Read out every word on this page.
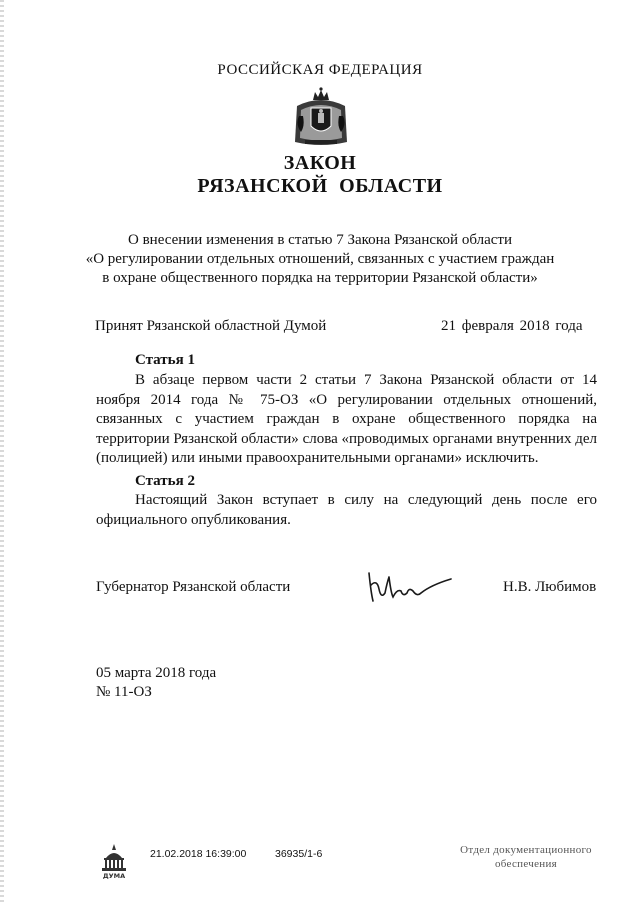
РОССИЙСКАЯ ФЕДЕРАЦИЯ
ЗАКОН
РЯЗАНСКОЙ ОБЛАСТИ
О внесении изменения в статью 7 Закона Рязанской области
«О регулировании отдельных отношений, связанных с участием граждан
в охране общественного порядка на территории Рязанской области»
Принят Рязанской областной Думой	21 февраля 2018 года
Статья 1
В абзаце первом части 2 статьи 7 Закона Рязанской области от 14 ноября 2014 года № 75-ОЗ «О регулировании отдельных отношений, связанных с участием граждан в охране общественного порядка на территории Рязанской области» слова «проводимых органами внутренних дел (полицией) или иными правоохранительными органами» исключить.
Статья 2
Настоящий Закон вступает в силу на следующий день после его официального опубликования.
Губернатор Рязанской области	Н.В. Любимов
05 марта 2018 года
№ 11-ОЗ
ДУМА
21.02.2018 16:39:00	36935/1-6	Отдел документационного
обеспечения
